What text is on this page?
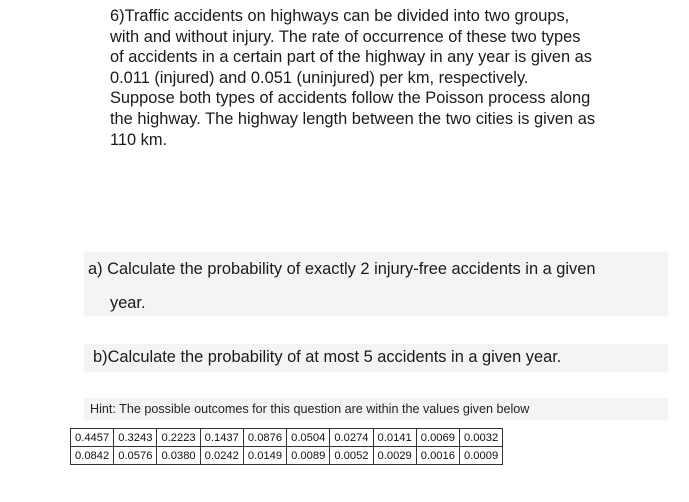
6)Traffic accidents on highways can be divided into two groups,
with and without injury. The rate of occurrence of these two types
of accidents in a certain part of the highway in any year is given as
0.011 (injured) and 0.051 (uninjured) per km, respectively.
Suppose both types of accidents follow the Poisson process along
the highway. The highway length between the two cities is given as
110 km.
a) Calculate the probability of exactly 2 injury-free accidents in a given
year.
b)Calculate the probability of at most 5 accidents in a given year.
Hint: The possible outcomes for this question are within the values given below
0.4457	0.3243	0.2223	0.1437	0.0876	0.0504	0.0274	0.0141	0.0069	0.0032
0.0842	0.0576	0.0380	0.0242	0.0149	0.0089	0.0052	0.0029	0.0016	0.0009
